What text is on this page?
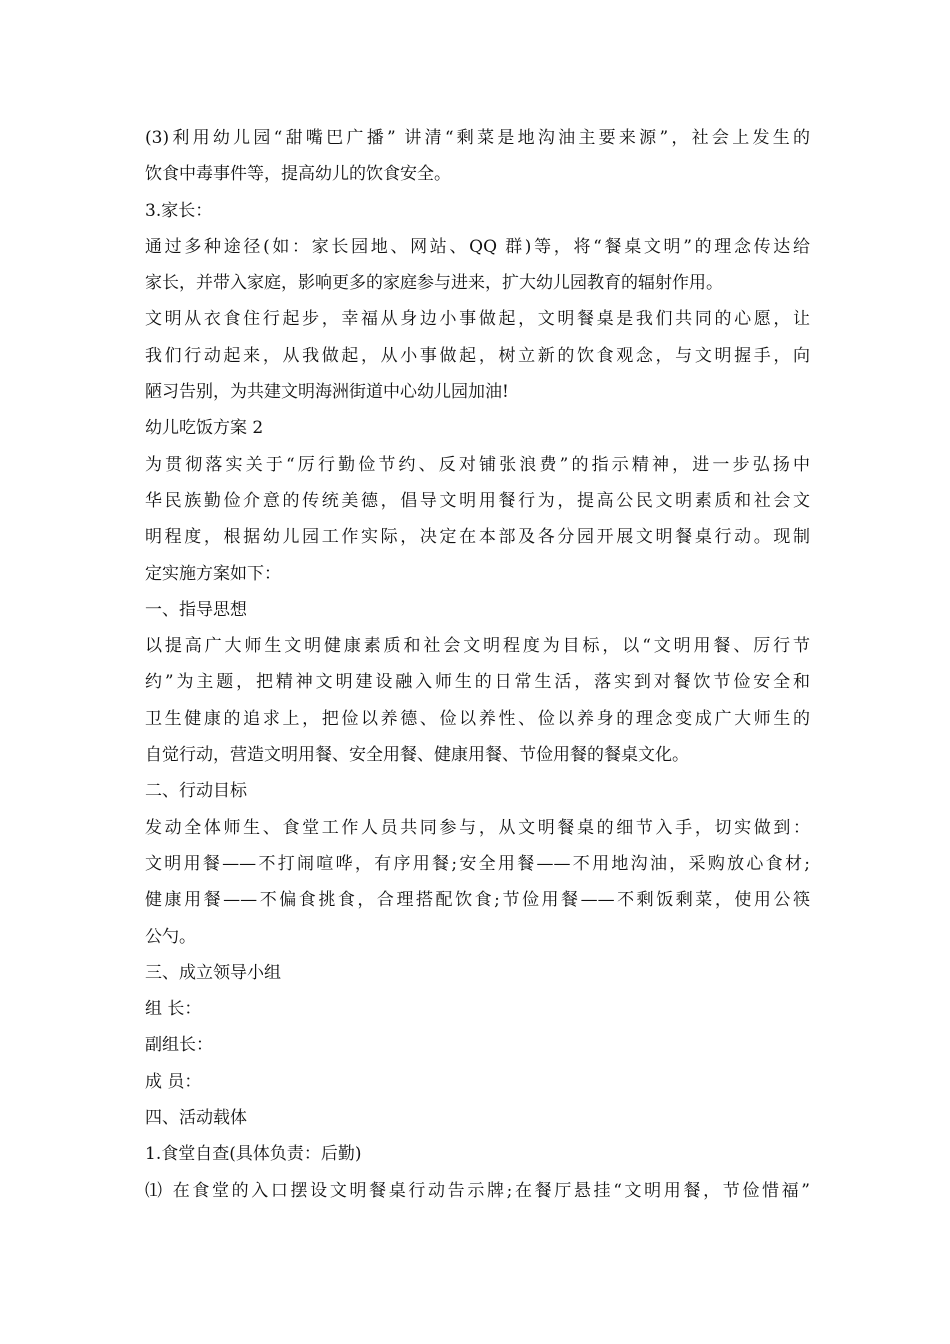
(3)利用幼儿园“甜嘴巴广播” 讲清“剩菜是地沟油主要来源”，社会上发生的
饮食中毒事件等，提高幼儿的饮食安全。
3.家长：
通过多种途径(如：家长园地、网站、QQ 群)等，将“餐桌文明”的理念传达给
家长，并带入家庭，影响更多的家庭参与进来，扩大幼儿园教育的辐射作用。
文明从衣食住行起步，幸福从身边小事做起，文明餐桌是我们共同的心愿，让
我们行动起来，从我做起，从小事做起，树立新的饮食观念，与文明握手，向
陋习告别，为共建文明海洲街道中心幼儿园加油!
幼儿吃饭方案 2
为贯彻落实关于“厉行勤俭节约、反对铺张浪费”的指示精神，进一步弘扬中
华民族勤俭介意的传统美德，倡导文明用餐行为，提高公民文明素质和社会文
明程度，根据幼儿园工作实际，决定在本部及各分园开展文明餐桌行动。现制
定实施方案如下：
一、指导思想
以提高广大师生文明健康素质和社会文明程度为目标，以“文明用餐、厉行节
约”为主题，把精神文明建设融入师生的日常生活，落实到对餐饮节俭安全和
卫生健康的追求上，把俭以养德、俭以养性、俭以养身的理念变成广大师生的
自觉行动，营造文明用餐、安全用餐、健康用餐、节俭用餐的餐桌文化。
二、行动目标
发动全体师生、食堂工作人员共同参与，从文明餐桌的细节入手，切实做到：
文明用餐——不打闹喧哗，有序用餐;安全用餐——不用地沟油，采购放心食材;
健康用餐——不偏食挑食，合理搭配饮食;节俭用餐——不剩饭剩菜，使用公筷
公勺。
三、成立领导小组
组 长：
副组长：
成 员：
四、活动载体
1.食堂自查(具体负责：后勤)
⑴ 在食堂的入口摆设文明餐桌行动告示牌;在餐厅悬挂“文明用餐，节俭惜福”
